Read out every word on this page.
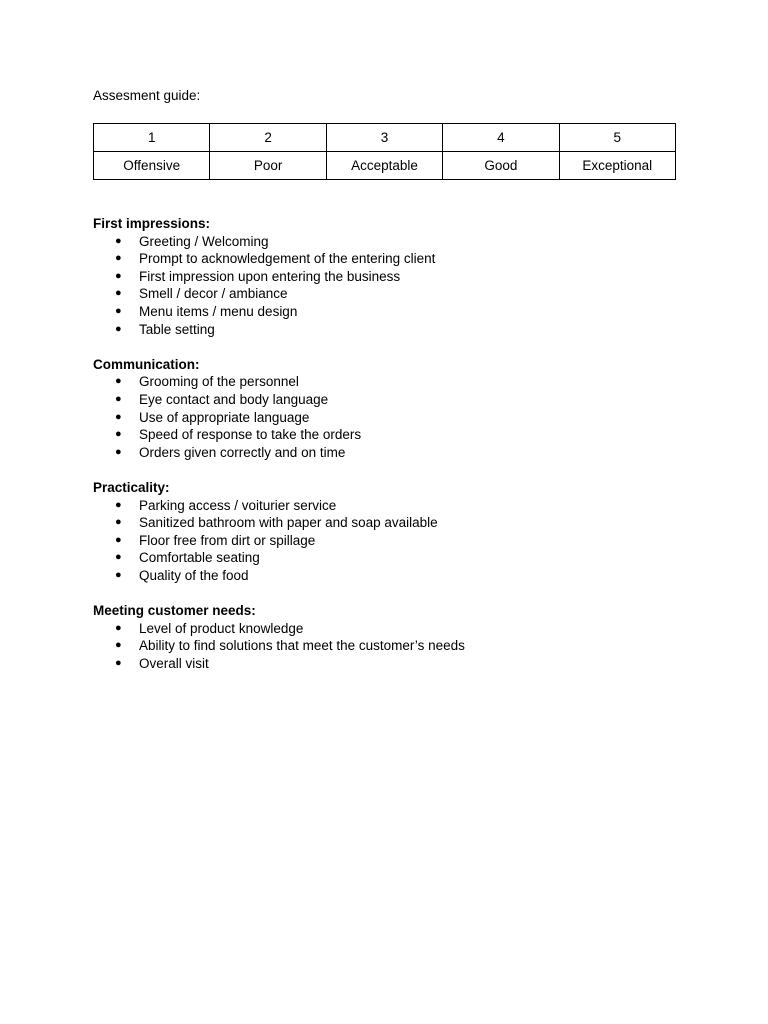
Assesment guide:
1	2	3	4	5
Offensive	Poor	Acceptable	Good	Exceptional
First impressions:
● Greeting / Welcoming
● Prompt to acknowledgement of the entering client
● First impression upon entering the business
● Smell / decor / ambiance
● Menu items / menu design
● Table setting
Communication:
● Grooming of the personnel
● Eye contact and body language
● Use of appropriate language
● Speed of response to take the orders
● Orders given correctly and on time
Practicality:
● Parking access / voiturier service
● Sanitized bathroom with paper and soap available
● Floor free from dirt or spillage
● Comfortable seating
● Quality of the food
Meeting customer needs:
● Level of product knowledge
● Ability to find solutions that meet the customer’s needs
● Overall visit
